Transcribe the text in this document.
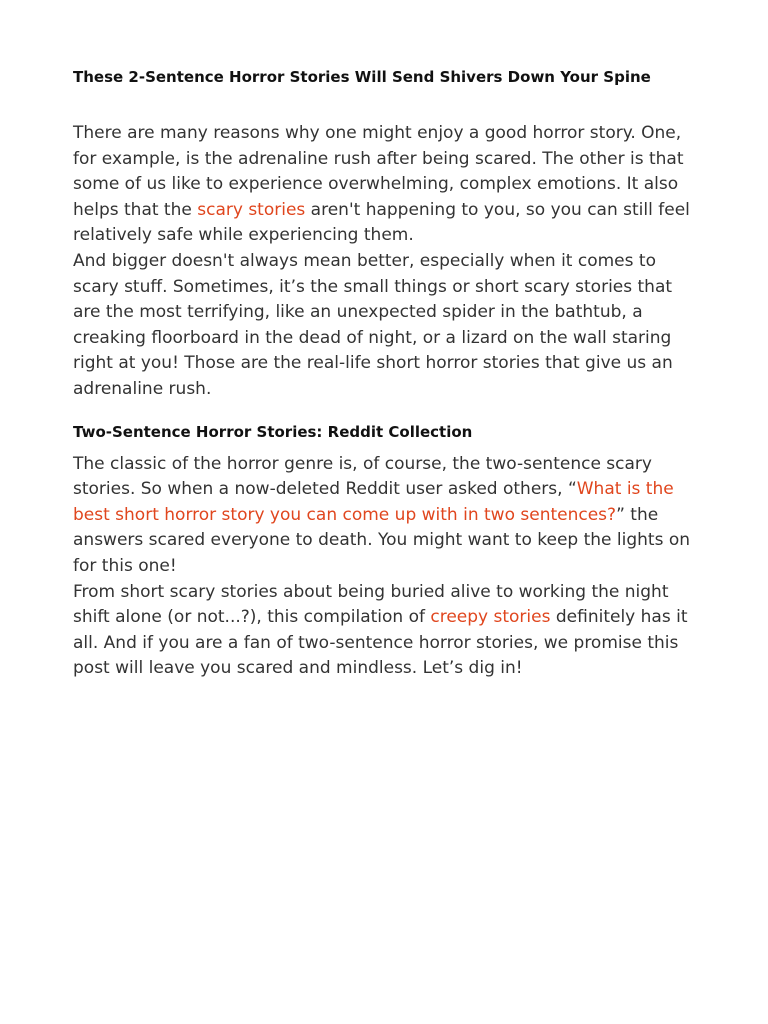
These 2-Sentence Horror Stories Will Send Shivers Down Your Spine

There are many reasons why one might enjoy a good horror story. One, for example, is the adrenaline rush after being scared. The other is that some of us like to experience overwhelming, complex emotions. It also helps that the scary stories aren't happening to you, so you can still feel relatively safe while experiencing them.

And bigger doesn't always mean better, especially when it comes to scary stuff. Sometimes, it’s the small things or short scary stories that are the most terrifying, like an unexpected spider in the bathtub, a creaking floorboard in the dead of night, or a lizard on the wall staring right at you! Those are the real-life short horror stories that give us an adrenaline rush.

Two-Sentence Horror Stories: Reddit Collection

The classic of the horror genre is, of course, the two-sentence scary stories. So when a now-deleted Reddit user asked others, “What is the best short horror story you can come up with in two sentences?” the answers scared everyone to death. You might want to keep the lights on for this one!

From short scary stories about being buried alive to working the night shift alone (or not...?), this compilation of creepy stories definitely has it all. And if you are a fan of two-sentence horror stories, we promise this post will leave you scared and mindless. Let’s dig in!
